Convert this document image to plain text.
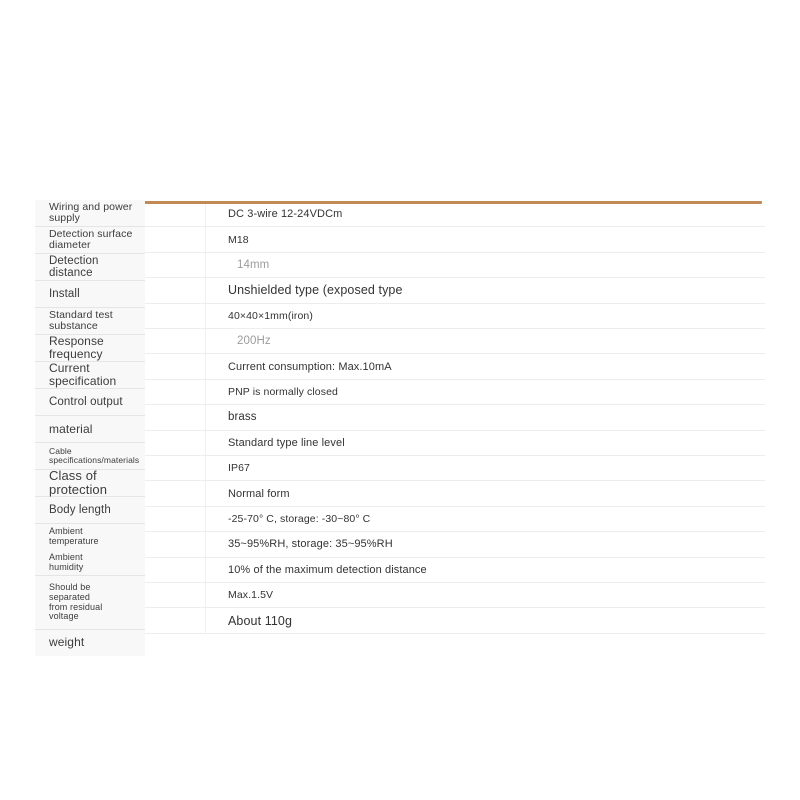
Wiring and power supply
Detection surface diameter
Detection distance
Install
Standard test substance
Response frequency
Current specification
Control output
material
Cable specifications/materials
Class of protection
Body length
Ambient
temperature
Ambient
humidity
Should be
separated
from residual
voltage
weight
DC 3-wire 12-24VDCm
M18
14mm
Unshielded type (exposed type
40×40×1mm(iron)
200Hz
Current consumption: Max.10mA
PNP is normally closed
brass
Standard type line level
IP67
Normal form
-25-70° C, storage: -30~80° C
35~95%RH, storage: 35~95%RH
10% of the maximum detection distance
Max.1.5V
About 110g
